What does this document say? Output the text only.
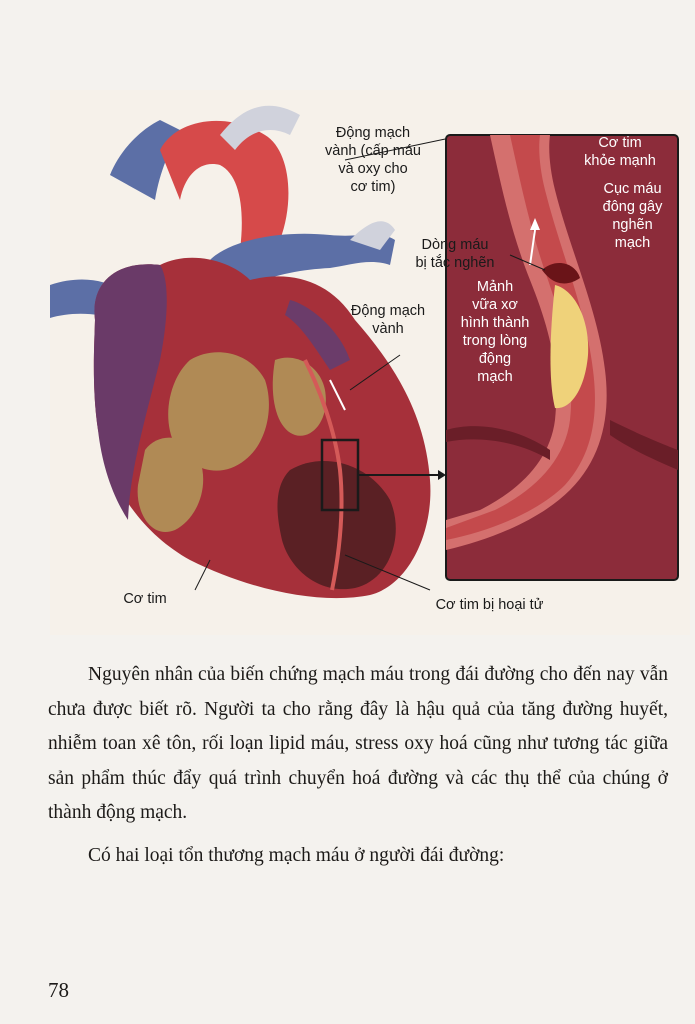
Động mạch
vành (cấp máu
và oxy cho
cơ tim)
Động mạch
vành
Cơ tim	Cơ tim bị hoại tử
Dòng máu
bị tắc nghẽn
Cơ tim
khỏe mạnh
Cục máu
đông gây
nghẽn
mạch
Mảnh
vữa xơ
hình thành
trong lòng
động
mạch

Nguyên nhân của biến chứng mạch máu trong đái đường cho đến nay vẫn chưa được biết rõ. Người ta cho rằng đây là hậu quả của tăng đường huyết, nhiễm toan xê tôn, rối loạn lipid máu, stress oxy hoá cũng như tương tác giữa sản phẩm thúc đẩy quá trình chuyển hoá đường và các thụ thể của chúng ở thành động mạch.

Có hai loại tổn thương mạch máu ở người đái đường:

78
